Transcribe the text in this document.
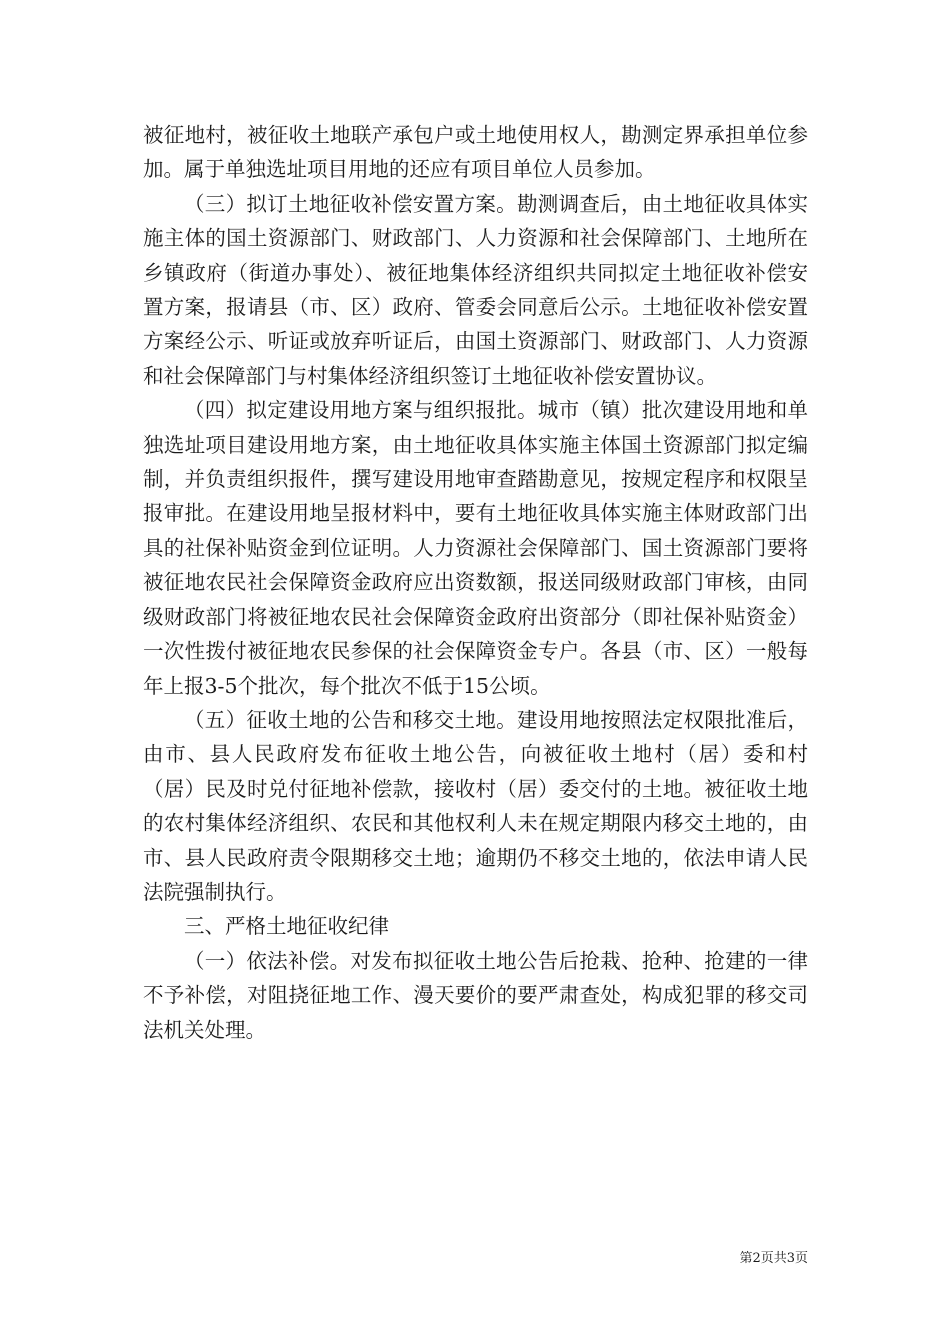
被征地村，被征收土地联产承包户或土地使用权人，勘测定界承担单位参加。属于单独选址项目用地的还应有项目单位人员参加。

（三）拟订土地征收补偿安置方案。勘测调查后，由土地征收具体实施主体的国土资源部门、财政部门、人力资源和社会保障部门、土地所在乡镇政府（街道办事处）、被征地集体经济组织共同拟定土地征收补偿安置方案，报请县（市、区）政府、管委会同意后公示。土地征收补偿安置方案经公示、听证或放弃听证后，由国土资源部门、财政部门、人力资源和社会保障部门与村集体经济组织签订土地征收补偿安置协议。

（四）拟定建设用地方案与组织报批。城市（镇）批次建设用地和单独选址项目建设用地方案，由土地征收具体实施主体国土资源部门拟定编制，并负责组织报件，撰写建设用地审查踏勘意见，按规定程序和权限呈报审批。在建设用地呈报材料中，要有土地征收具体实施主体财政部门出具的社保补贴资金到位证明。人力资源社会保障部门、国土资源部门要将被征地农民社会保障资金政府应出资数额，报送同级财政部门审核，由同级财政部门将被征地农民社会保障资金政府出资部分（即社保补贴资金）一次性拨付被征地农民参保的社会保障资金专户。各县（市、区）一般每年上报3-5个批次，每个批次不低于15公顷。

（五）征收土地的公告和移交土地。建设用地按照法定权限批准后，由市、县人民政府发布征收土地公告，向被征收土地村（居）委和村（居）民及时兑付征地补偿款，接收村（居）委交付的土地。被征收土地的农村集体经济组织、农民和其他权利人未在规定期限内移交土地的，由市、县人民政府责令限期移交土地；逾期仍不移交土地的，依法申请人民法院强制执行。

三、严格土地征收纪律

（一）依法补偿。对发布拟征收土地公告后抢栽、抢种、抢建的一律不予补偿，对阻挠征地工作、漫天要价的要严肃查处，构成犯罪的移交司法机关处理。

第2页共3页
